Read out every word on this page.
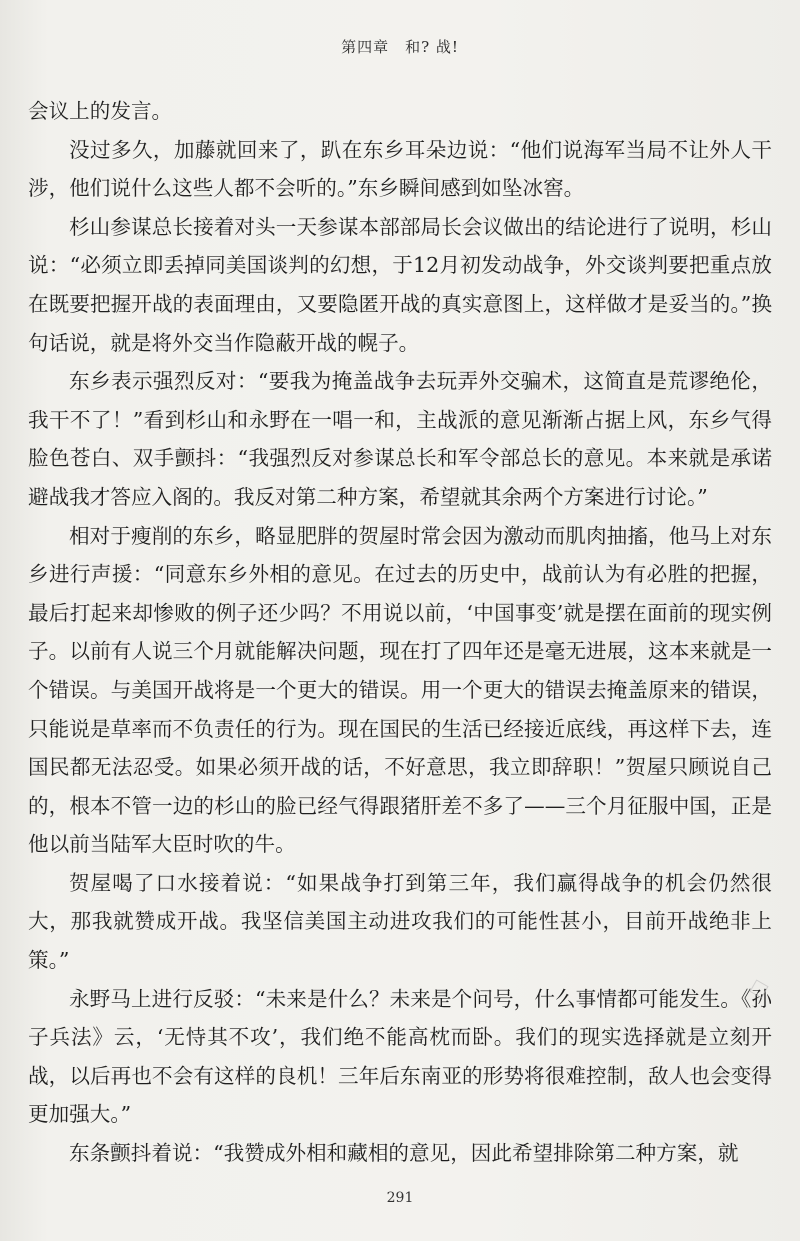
第四章　和? 战!

会议上的发言。

没过多久，加藤就回来了，趴在东乡耳朵边说：“他们说海军当局不让外人干涉，他们说什么这些人都不会听的。”东乡瞬间感到如坠冰窖。

杉山参谋总长接着对头一天参谋本部部局长会议做出的结论进行了说明，杉山说：“必须立即丢掉同美国谈判的幻想，于12月初发动战争，外交谈判要把重点放在既要把握开战的表面理由，又要隐匿开战的真实意图上，这样做才是妥当的。”换句话说，就是将外交当作隐蔽开战的幌子。

东乡表示强烈反对：“要我为掩盖战争去玩弄外交骗术，这简直是荒谬绝伦，我干不了！”看到杉山和永野在一唱一和，主战派的意见渐渐占据上风，东乡气得脸色苍白、双手颤抖：“我强烈反对参谋总长和军令部总长的意见。本来就是承诺避战我才答应入阁的。我反对第二种方案，希望就其余两个方案进行讨论。”

相对于瘦削的东乡，略显肥胖的贺屋时常会因为激动而肌肉抽搐，他马上对东乡进行声援：“同意东乡外相的意见。在过去的历史中，战前认为有必胜的把握，最后打起来却惨败的例子还少吗？不用说以前，‘中国事变’就是摆在面前的现实例子。以前有人说三个月就能解决问题，现在打了四年还是毫无进展，这本来就是一个错误。与美国开战将是一个更大的错误。用一个更大的错误去掩盖原来的错误，只能说是草率而不负责任的行为。现在国民的生活已经接近底线，再这样下去，连国民都无法忍受。如果必须开战的话，不好意思，我立即辞职！”贺屋只顾说自己的，根本不管一边的杉山的脸已经气得跟猪肝差不多了——三个月征服中国，正是他以前当陆军大臣时吹的牛。

贺屋喝了口水接着说：“如果战争打到第三年，我们赢得战争的机会仍然很大，那我就赞成开战。我坚信美国主动进攻我们的可能性甚小，目前开战绝非上策。”

永野马上进行反驳：“未来是什么？未来是个问号，什么事情都可能发生。《孙子兵法》云，‘无恃其不攻’，我们绝不能高枕而卧。我们的现实选择就是立刻开战，以后再也不会有这样的良机！三年后东南亚的形势将很难控制，敌人也会变得更加强大。”

东条颤抖着说：“我赞成外相和藏相的意见，因此希望排除第二种方案，就

291
